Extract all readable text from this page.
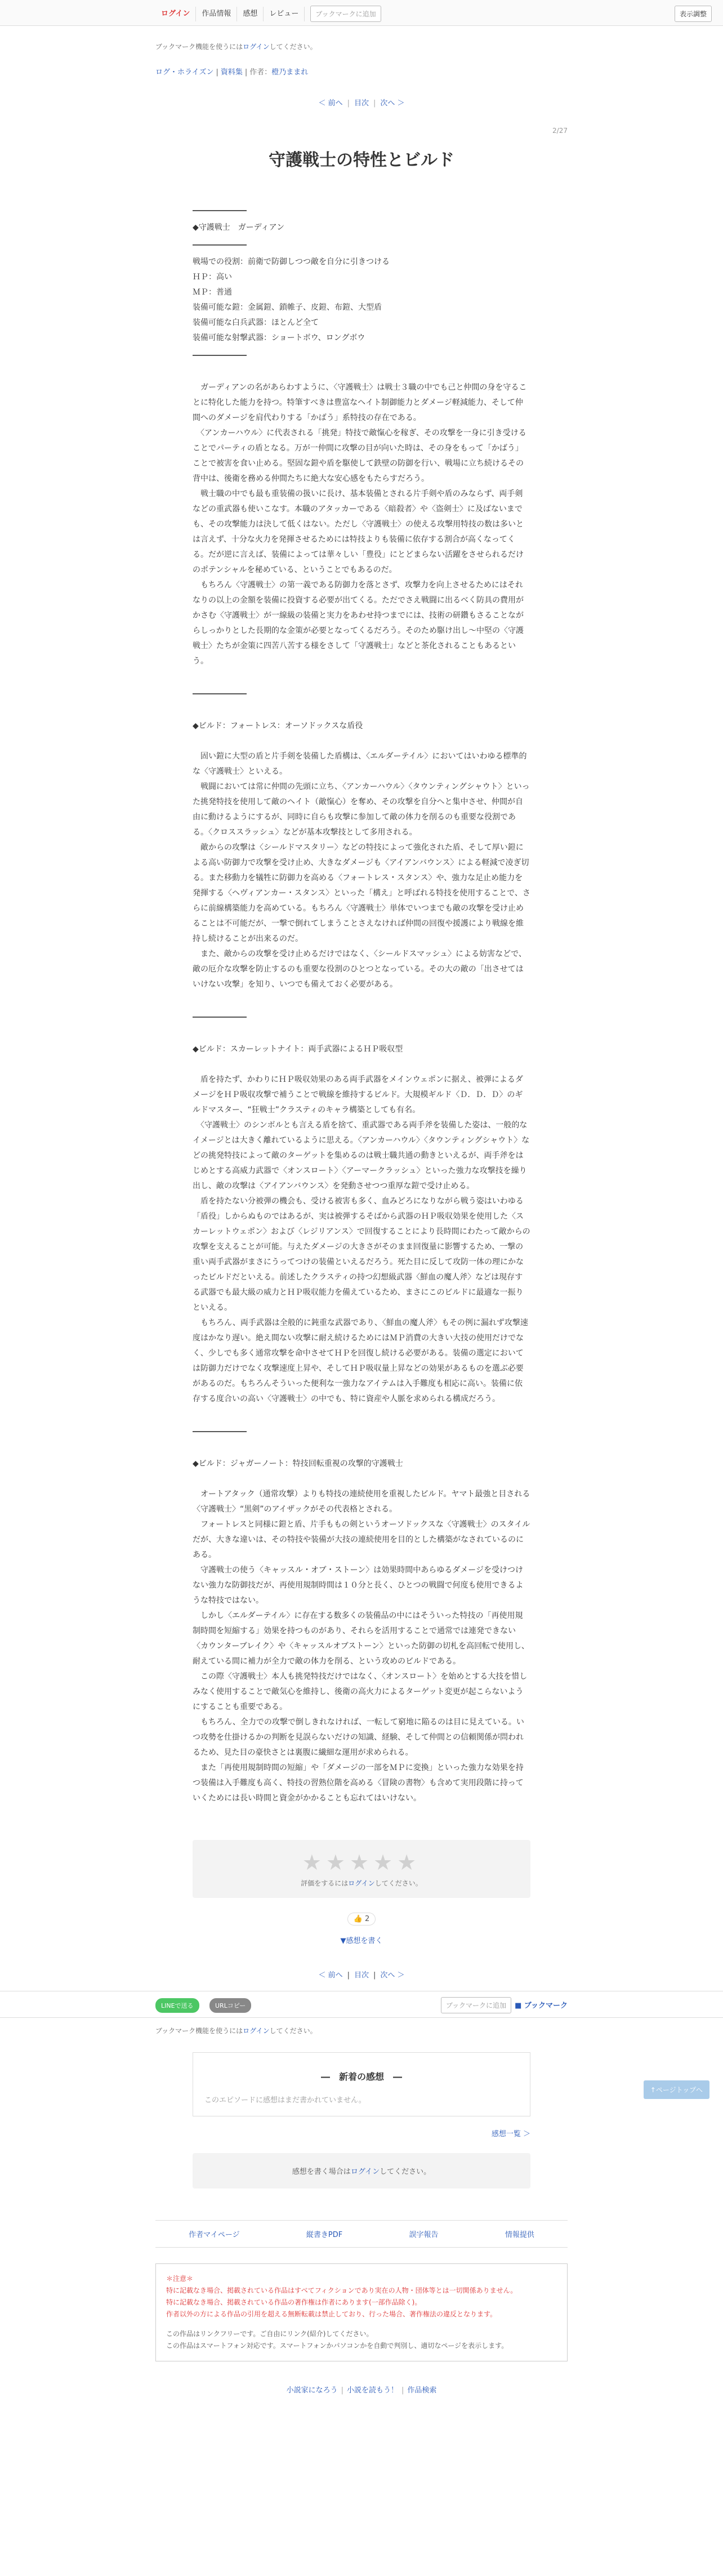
ログイン	作品情報	感想	レビュー	ブックマークに追加	表示調整

ブックマーク機能を使うにはログインしてください。

ログ・ホライズン | 資料集 | 作者：橙乃ままれ
＜ 前へ | 目次 | 次へ ＞
2/27
守護戦士の特性とビルド

◆守護戦士　ガーディアン

戦場での役割：前衛で防御しつつ敵を自分に引きつける

ＨＰ：高い

ＭＰ：普通

装備可能な鎧：金属鎧、鎖帷子、皮鎧、布鎧、大型盾

装備可能な白兵武器：ほとんど全て

装備可能な射撃武器：ショートボウ、ロングボウ

　ガーディアンの名があらわすように、〈守護戦士〉は戦士３職の中でも己と仲間の身を守ることに特化した能力を持つ。特筆すべきは豊富なヘイト制御能力とダメージ軽減能力、そして仲間へのダメージを肩代わりする「かばう」系特技の存在である。

　〈アンカーハウル〉に代表される「挑発」特技で敵愾心を稼ぎ、その攻撃を一身に引き受けることでパーティの盾となる。万が一仲間に攻撃の目が向いた時は、その身をもって「かばう」ことで被害を食い止める。堅固な鎧や盾を駆使して鉄壁の防御を行い、戦場に立ち続けるその背中は、後衛を務める仲間たちに絶大な安心感をもたらすだろう。

　戦士職の中でも最も重装備の扱いに長け、基本装備とされる片手剣や盾のみならず、両手剣などの重武器も使いこなす。本職のアタッカーである〈暗殺者〉や〈盗剣士〉に及ばないまでも、その攻撃能力は決して低くはない。ただし〈守護戦士〉の使える攻撃用特技の数は多いとは言えず、十分な火力を発揮させるためには特技よりも装備に依存する割合が高くなってくる。だが逆に言えば、装備によっては華々しい「豊役」にとどまらない活躍をさせられるだけのポテンシャルを秘めている、ということでもあるのだ。

　もちろん〈守護戦士〉の第一義である防御力を落とさず、攻撃力を向上させるためにはそれなりの以上の金額を装備に投資する必要が出てくる。ただでさえ戦闘に出るべく防具の費用がかさむ〈守護戦士〉が一線級の装備と実力をあわせ持つまでには、技術の研鑽もさることながらしっかりとした長期的な金策が必要となってくるだろう。そのため駆け出し〜中堅の〈守護戦士〉たちが金策に四苦八苦する様をさして「守護戦士」などと茶化されることもあるという。

◆ビルド：フォートレス：オーソドックスな盾役

　固い鎧に大型の盾と片手剣を装備した盾構は、〈エルダーテイル〉においてはいわゆる標準的な〈守護戦士〉といえる。

　戦闘においては常に仲間の先頭に立ち、〈アンカーハウル〉〈タウンティングシャウト〉といった挑発特技を使用して敵のヘイト（敵愾心）を奪め、その攻撃を自分へと集中させ、仲間が自由に動けるようにするが、同時に自らも攻撃に参加して敵の体力を削るのも重要な役割である。〈クロススラッシュ〉などが基本攻撃技として多用される。

　敵からの攻撃は〈シールドマスタリー〉などの特技によって強化された盾、そして厚い鎧による高い防御力で攻撃を受け止め、大きなダメージも〈アイアンバウンス〉による軽減で凌ぎ切る。また移動力を犠牲に防御力を高める〈フォートレス・スタンス〉や、強力な足止め能力を発揮する〈ヘヴィアンカー・スタンス〉といった「構え」と呼ばれる特技を使用することで、さらに前線構築能力を高めている。もちろん〈守護戦士〉単体でいつまでも敵の攻撃を受け止めることは不可能だが、一撃で倒れてしまうことさえなければ仲間の回復や援護により戦線を維持し続けることが出来るのだ。

　また、敵からの攻撃を受け止めるだけではなく、〈シールドスマッシュ〉による妨害などで、敵の厄介な攻撃を防止するのも重要な役割のひとつとなっている。その大の敵の「出させてはいけない攻撃」を知り、いつでも備えておく必要がある。

◆ビルド：スカーレットナイト：両手武器によるＨＰ吸収型

　盾を持たず、かわりにＨＰ吸収効果のある両手武器をメインウェポンに据え、被弾によるダメージをＨＰ吸収攻撃で補うことで戦線を維持するビルド。大規模ギルド〈Ｄ．Ｄ．Ｄ〉のギルドマスター、“狂戦士”クラスティのキャラ構築としても有名。

　〈守護戦士〉のシンボルとも言える盾を捨て、重武器である両手斧を装備した姿は、一般的なイメージとは大きく離れているように思える。〈アンカーハウル〉〈タウンティングシャウト〉などの挑発特技によって敵のターゲットを集めるのは戦士職共通の動きといえるが、両手斧をはじめとする高威力武器で〈オンスロート〉〈アーマークラッシュ〉といった強力な攻撃技を繰り出し、敵の攻撃は〈アイアンバウンス〉を発動させつつ重厚な鎧で受け止める。

　盾を持たない分被弾の機会も、受ける被害も多く、血みどろになりながら戦う姿はいわゆる「盾役」しからぬものではあるが、実は被弾するそばから武器のＨＰ吸収効果を使用した〈スカーレットウェポン〉および〈レジリアンス〉で回復することにより長時間にわたって敵からの攻撃を支えることが可能。与えたダメージの大きさがそのまま回復量に影響するため、一撃の重い両手武器がまさにうってつけの装備といえるだろう。死た目に反して攻防一体の理にかなったビルドだといえる。前述したクラスティの持つ幻想級武器〈鮮血の魔人斧〉などは現存する武器でも最大級の威力とＨＰ吸収能力を備えているため、まさにこのビルドに最適な一振りといえる。

　もちろん、両手武器は全般的に鈍重な武器であり、〈鮮血の魔人斧〉もその例に漏れず攻撃速度はかなり遅い。絶え間ない攻撃に耐え続けるためにはＭＰ消費の大きい大技の使用だけでなく、少しでも多く通常攻撃を命中させてＨＰを回復し続ける必要がある。装備の選定においては防御力だけでなく攻撃速度上昇や、そしてＨＰ吸収量上昇などの効果があるものを選ぶ必要があるのだ。もちろんそういった便利な一強力なアイテムは入手難度も相応に高い。装備に依存する度合いの高い〈守護戦士〉の中でも、特に資産や人脈を求められる構成だろう。

◆ビルド：ジャガーノート：特技回転重視の攻撃的守護戦士

　オートアタック（通常攻撃）よりも特技の連続使用を重視したビルド。ヤマト最強と目される〈守護戦士〉“黒剣”のアイザックがその代表格とされる。

　フォートレスと同様に鎧と盾、片手ももの剣というオーソドックスな〈守護戦士〉のスタイルだが、大きな違いは、その特技や装備が大技の連続使用を目的とした構築がなされているのにある。

　守護戦士の使う〈キャッスル・オブ・ストーン〉は効果時間中あらゆるダメージを受けつけない強力な防御技だが、再使用規制時間は１０分と長く、ひとつの戦闘で何度も使用できるような特技ではない。

　しかし〈エルダーテイル〉に存在する数多くの装備品の中にはそういった特技の「再使用規制時間を短縮する」効果を持つものがあり、それらを活用することで通常では連発できない〈カウンターブレイク〉や〈キャッスルオブストーン〉といった防御の切札を高回転で使用し、耐えている間に補力が全力で敵の体力を削る、という攻めのビルドである。

　この際〈守護戦士〉本人も挑発特技だけではなく、〈オンスロート〉を始めとする大技を惜しみなく使用することで敵気心を維持し、後衛の高火力によるターゲット変更が起こらないようにすることも重要である。

　もちろん、全力での攻撃で倒しきれなければ、一転して窮地に陥るのは目に見えている。いつ攻勢を仕掛けるかの判断を見誤らないだけの知識、経験、そして仲間との信頼関係が問われるため、見た目の豪快さとは裏腹に繊細な運用が求められる。

　また「再使用規制時間の短縮」や「ダメージの一部をＭＰに変換」といった強力な効果を持つ装備は入手難度も高く、特技の習熟位階を高める〈冒険の書物〉も含めて実用段階に持っていくためには長い時間と資金がかかることも忘れてはいけない。

★★★★★

評価をするにはログインしてください。

👍 2

▼感想を書く

＜ 前へ | 目次 | 次へ ＞
↑ページトップへ
LINEで送る	URLコピー	ブックマークに追加	■ ブックマーク

ブックマーク機能を使うにはログインしてください。

―　新着の感想　―

このエピソードに感想はまだ書かれていません。

感想一覧 ＞
感想を書く場合はログインしてください。
作者マイページ	縦書きPDF	誤字報告	情報提供

＊注意＊

特に記載なき場合、掲載されている作品はすべてフィクションであり実在の人物・団体等とは一切関係ありません。

特に記載なき場合、掲載されている作品の著作権は作者にあります(一部作品除く)。

作者以外の方による作品の引用を超える無断転載は禁止しており、行った場合、著作権法の違反となります。

この作品はリンクフリーです。ご自由にリンク(紹介)してください。

この作品はスマートフォン対応です。スマートフォンかパソコンかを自動で判別し、適切なページを表示します。

小説家になろう | 小説を読もう！ | 作品検索
